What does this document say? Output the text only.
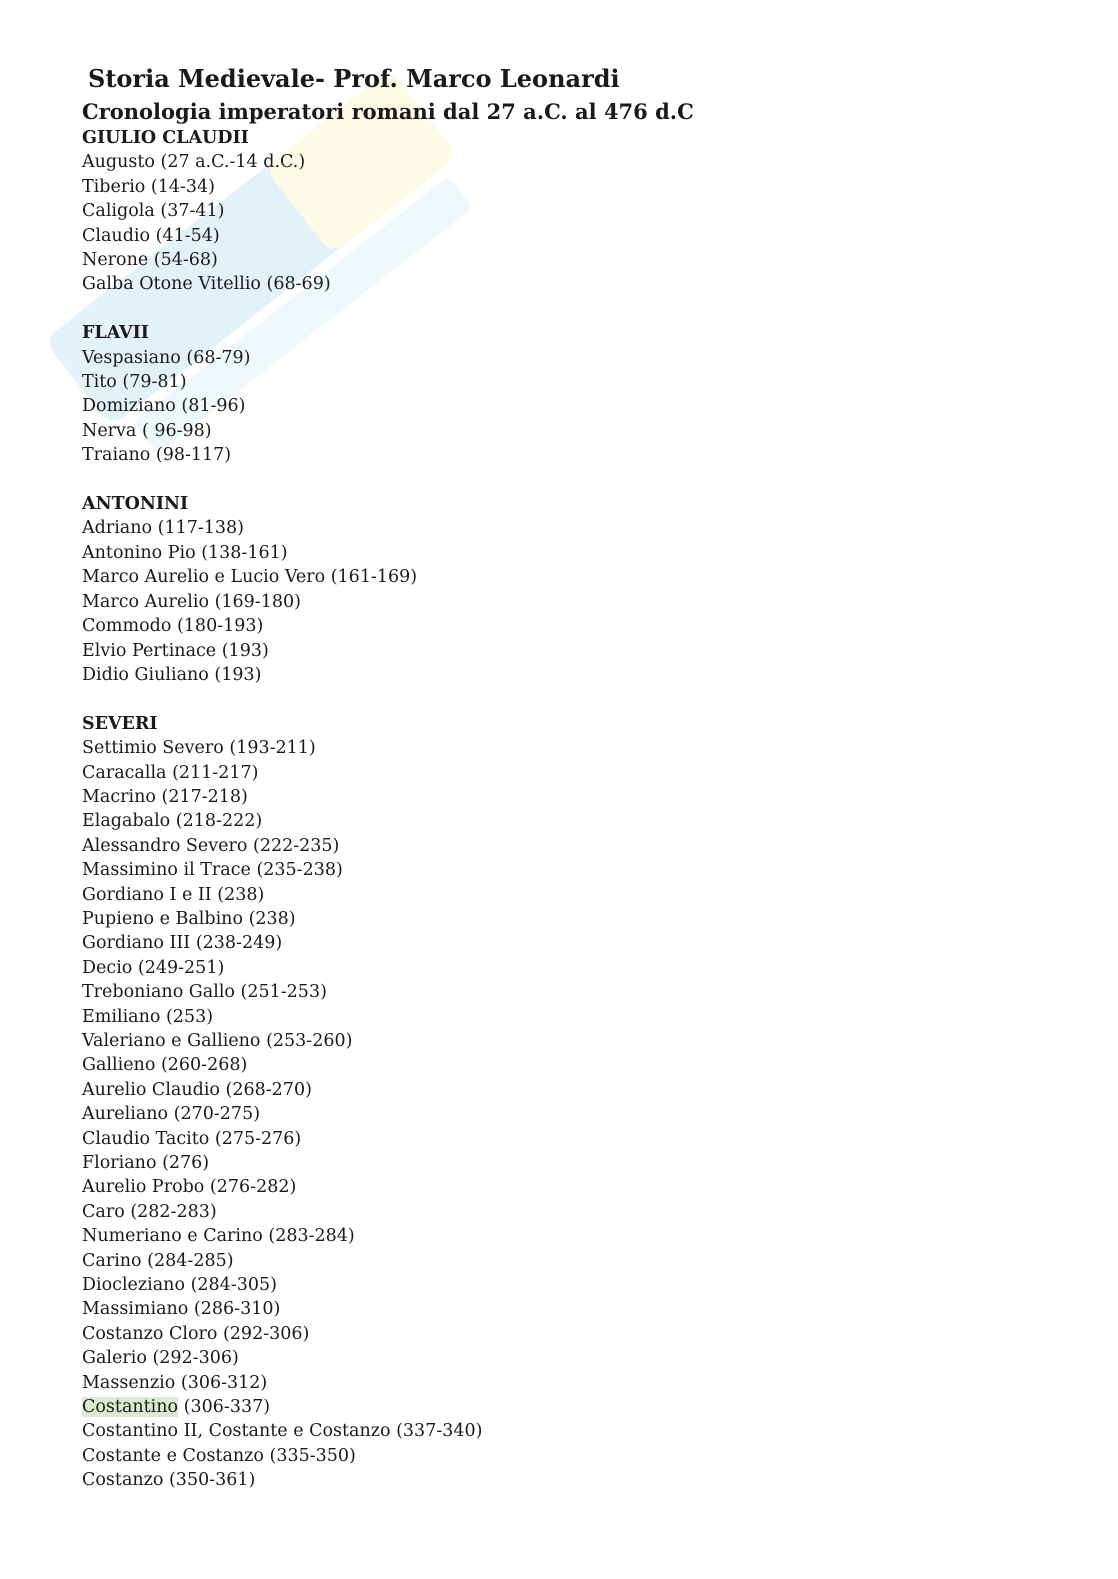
Storia Medievale- Prof. Marco Leonardi
Cronologia imperatori romani dal 27 a.C. al 476 d.C
GIULIO CLAUDII
Augusto (27 a.C.-14 d.C.)
Tiberio (14-34)
Caligola (37-41)
Claudio (41-54)
Nerone (54-68)
Galba Otone Vitellio (68-69)
FLAVII
Vespasiano (68-79)
Tito (79-81)
Domiziano (81-96)
Nerva ( 96-98)
Traiano (98-117)
ANTONINI
Adriano (117-138)
Antonino Pio (138-161)
Marco Aurelio e Lucio Vero (161-169)
Marco Aurelio (169-180)
Commodo (180-193)
Elvio Pertinace (193)
Didio Giuliano (193)
SEVERI
Settimio Severo (193-211)
Caracalla (211-217)
Macrino (217-218)
Elagabalo (218-222)
Alessandro Severo (222-235)
Massimino il Trace (235-238)
Gordiano I e II (238)
Pupieno e Balbino (238)
Gordiano III (238-249)
Decio (249-251)
Treboniano Gallo (251-253)
Emiliano (253)
Valeriano e Gallieno (253-260)
Gallieno (260-268)
Aurelio Claudio (268-270)
Aureliano (270-275)
Claudio Tacito (275-276)
Floriano (276)
Aurelio Probo (276-282)
Caro (282-283)
Numeriano e Carino (283-284)
Carino (284-285)
Diocleziano (284-305)
Massimiano (286-310)
Costanzo Cloro (292-306)
Galerio (292-306)
Massenzio (306-312)
Costantino (306-337)
Costantino II, Costante e Costanzo (337-340)
Costante e Costanzo (335-350)
Costanzo (350-361)
